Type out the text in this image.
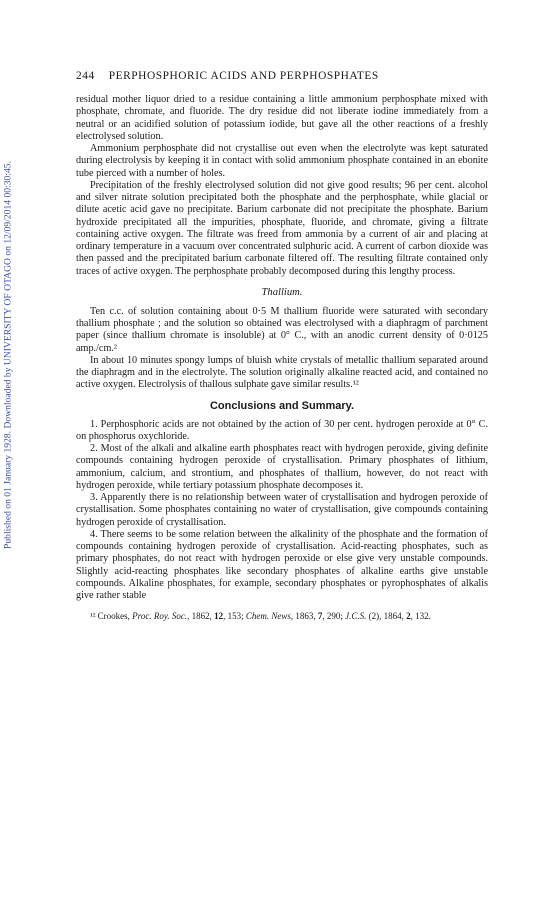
Published on 01 January 1928. Downloaded by UNIVERSITY OF OTAGO on 12/09/2014 00:30:45.
244 PERPHOSPHORIC ACIDS AND PERPHOSPHATES

residual mother liquor dried to a residue containing a little ammonium perphosphate mixed with phosphate, chromate, and fluoride. The dry residue did not liberate iodine immediately from a neutral or an acidified solution of potassium iodide, but gave all the other reactions of a freshly electrolysed solution.

Ammonium perphosphate did not crystallise out even when the electrolyte was kept saturated during electrolysis by keeping it in contact with solid ammonium phosphate contained in an ebonite tube pierced with a number of holes.

Precipitation of the freshly electrolysed solution did not give good results; 96 per cent. alcohol and silver nitrate solution precipitated both the phosphate and the perphosphate, while glacial or dilute acetic acid gave no precipitate. Barium carbonate did not precipitate the phosphate. Barium hydroxide precipitated all the impurities, phosphate, fluoride, and chromate, giving a filtrate containing active oxygen. The filtrate was freed from ammonia by a current of air and placing at ordinary temperature in a vacuum over concentrated sulphuric acid. A current of carbon dioxide was then passed and the precipitated barium carbonate filtered off. The resulting filtrate contained only traces of active oxygen. The perphosphate probably decomposed during this lengthy process.

Thallium.

Ten c.c. of solution containing about 0·5 M thallium fluoride were saturated with secondary thallium phosphate ; and the solution so obtained was electrolysed with a diaphragm of parchment paper (since thallium chromate is insoluble) at 0° C., with an anodic current density of 0·0125 amp./cm.²

In about 10 minutes spongy lumps of bluish white crystals of metallic thallium separated around the diaphragm and in the electrolyte. The solution originally alkaline reacted acid, and contained no active oxygen. Electrolysis of thallous sulphate gave similar results.¹²

Conclusions and Summary.

1. Perphosphoric acids are not obtained by the action of 30 per cent. hydrogen peroxide at 0° C. on phosphorus oxychloride.

2. Most of the alkali and alkaline earth phosphates react with hydrogen peroxide, giving definite compounds containing hydrogen peroxide of crystallisation. Primary phosphates of lithium, ammonium, calcium, and strontium, and phosphates of thallium, however, do not react with hydrogen peroxide, while tertiary potassium phosphate decomposes it.

3. Apparently there is no relationship between water of crystallisation and hydrogen peroxide of crystallisation. Some phosphates containing no water of crystallisation, give compounds containing hydrogen peroxide of crystallisation.

4. There seems to be some relation between the alkalinity of the phosphate and the formation of compounds containing hydrogen peroxide of crystallisation. Acid-reacting phosphates, such as primary phosphates, do not react with hydrogen peroxide or else give very unstable compounds. Slightly acid-reacting phosphates like secondary phosphates of alkaline earths give unstable compounds. Alkaline phosphates, for example, secondary phosphates or pyrophosphates of alkalis give rather stable

¹² Crookes, Proc. Roy. Soc., 1862, 12, 153; Chem. News, 1863, 7, 290; J.C.S. (2), 1864, 2, 132.
